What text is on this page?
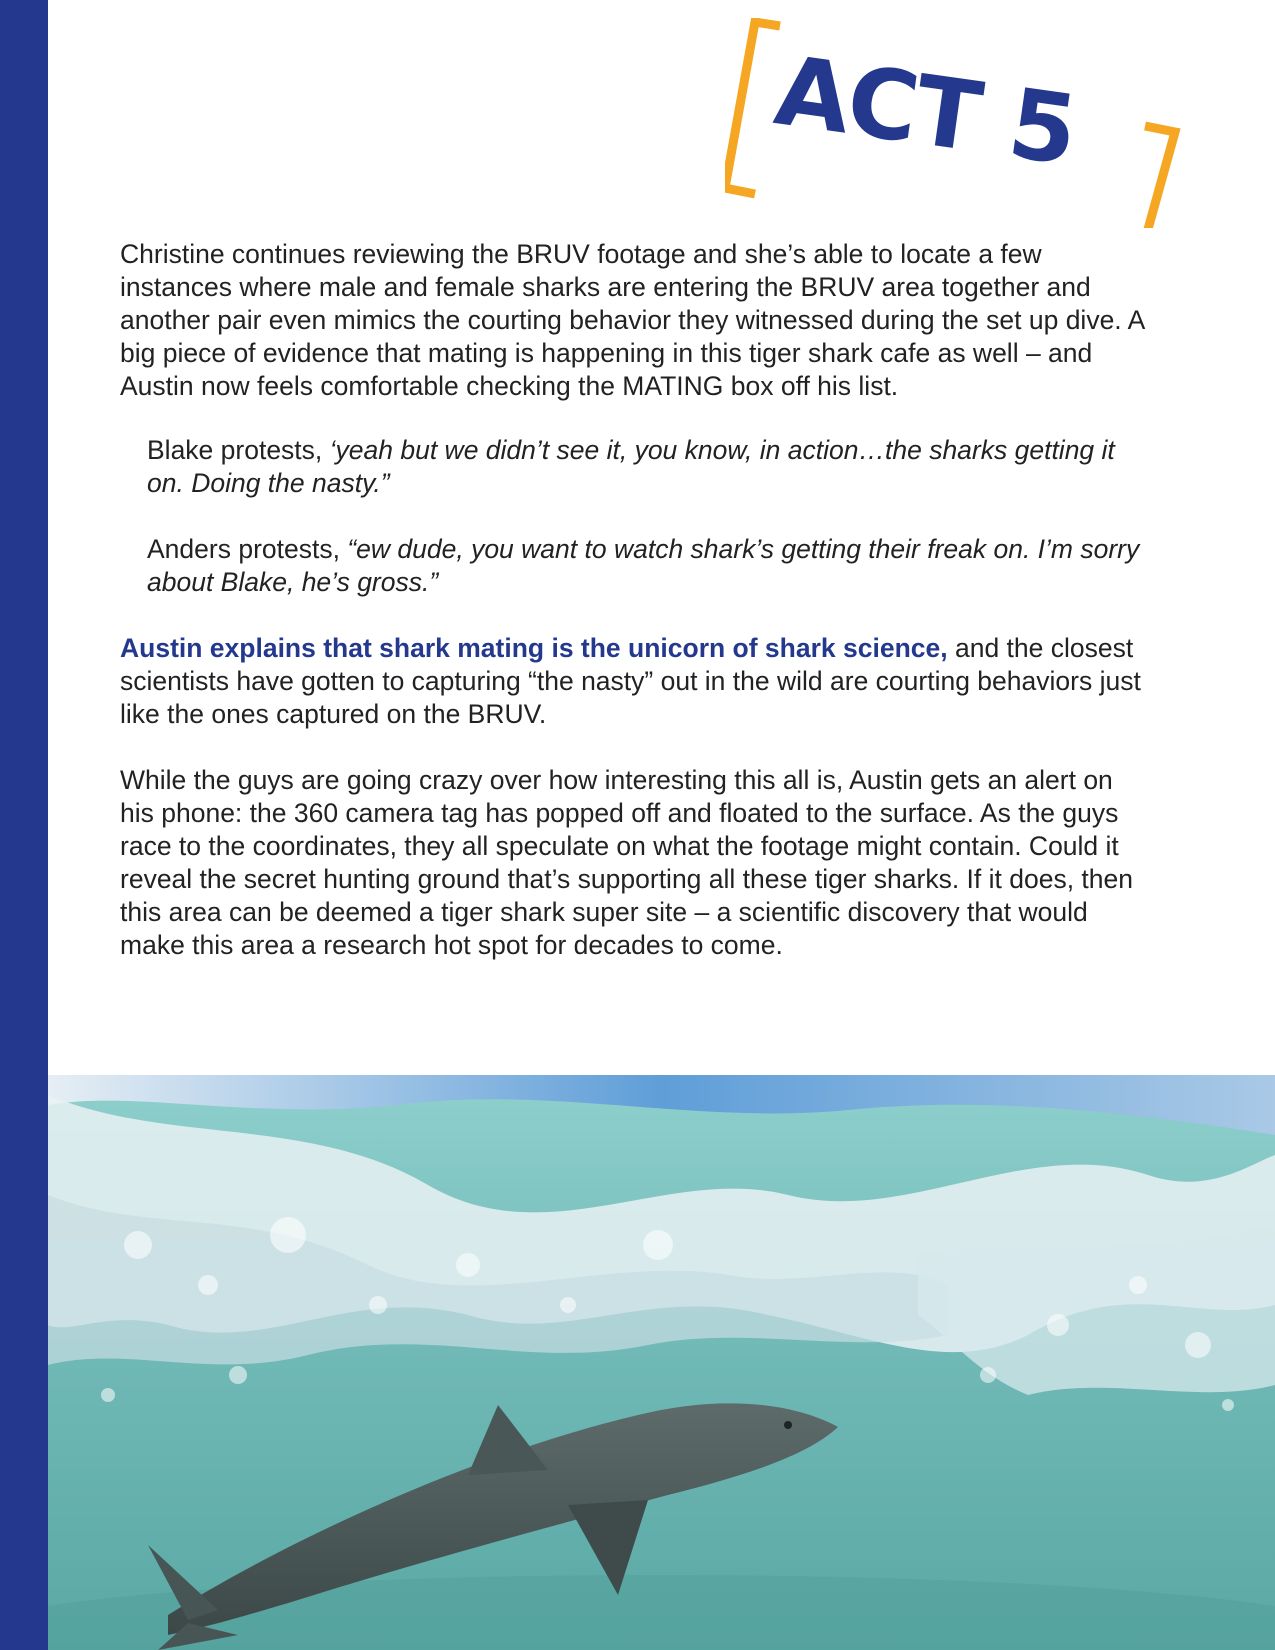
ACT 5

Christine continues reviewing the BRUV footage and she’s able to locate a few instances where male and female sharks are entering the BRUV area together and another pair even mimics the courting behavior they witnessed during the set up dive. A big piece of evidence that mating is happening in this tiger shark cafe as well – and Austin now feels comfortable checking the MATING box off his list.

Blake protests, ‘yeah but we didn’t see it, you know, in action…the sharks getting it on. Doing the nasty.”

Anders protests, “ew dude, you want to watch shark’s getting their freak on. I’m sorry about Blake, he’s gross.”

Austin explains that shark mating is the unicorn of shark science, and the closest scientists have gotten to capturing “the nasty” out in the wild are courting behaviors just like the ones captured on the BRUV.

While the guys are going crazy over how interesting this all is, Austin gets an alert on his phone: the 360 camera tag has popped off and floated to the surface. As the guys race to the coordinates, they all speculate on what the footage might contain. Could it reveal the secret hunting ground that’s supporting all these tiger sharks. If it does, then this area can be deemed a tiger shark super site – a scientific discovery that would make this area a research hot spot for decades to come.
